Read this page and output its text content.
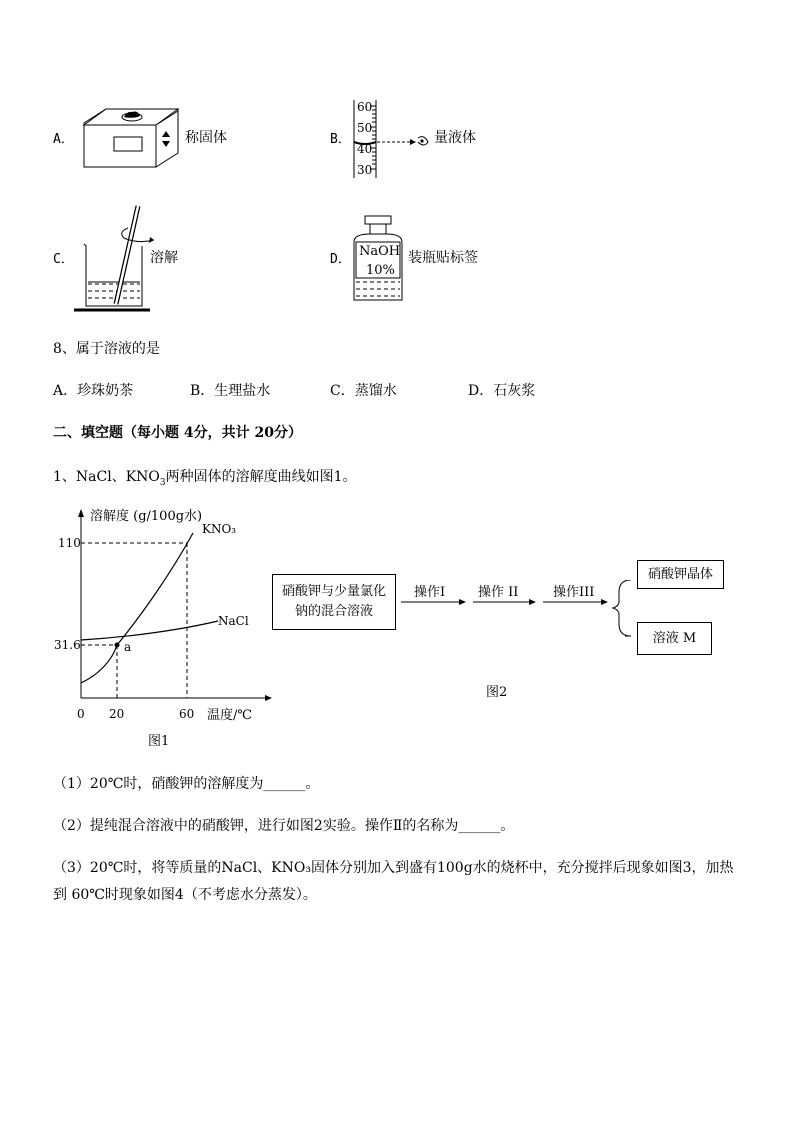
A．	称固体	B．
60
50
40
30
量液体
C．	溶解	D．
NaOH
10%
装瓶贴标签
8、属于溶液的是
A．珍珠奶茶	B．生理盐水	C．蒸馏水	D．石灰浆
二、填空题（每小题 4分，共计 20分）
1、NaCl、$KNO_3$两种固体的溶解度曲线如图1。
a
0 20	60
31.6
110
KNO₃
NaCl
溶解度 (g/100g水)
温度/℃
图1
硝酸钾与少量氯化钠的混合溶液
操作I	操作 II	操作III
硝酸钾晶体
溶液 M
图2
（1）20℃时，硝酸钾的溶解度为______。
（2）提纯混合溶液中的硝酸钾，进行如图2实验。操作Ⅱ的名称为______。
（3）20℃时，将等质量的NaCl、KNO₃固体分别加入到盛有100g水的烧杯中，充分搅拌后现象如图3，加热
到 60℃时现象如图4（不考虑水分蒸发）。
